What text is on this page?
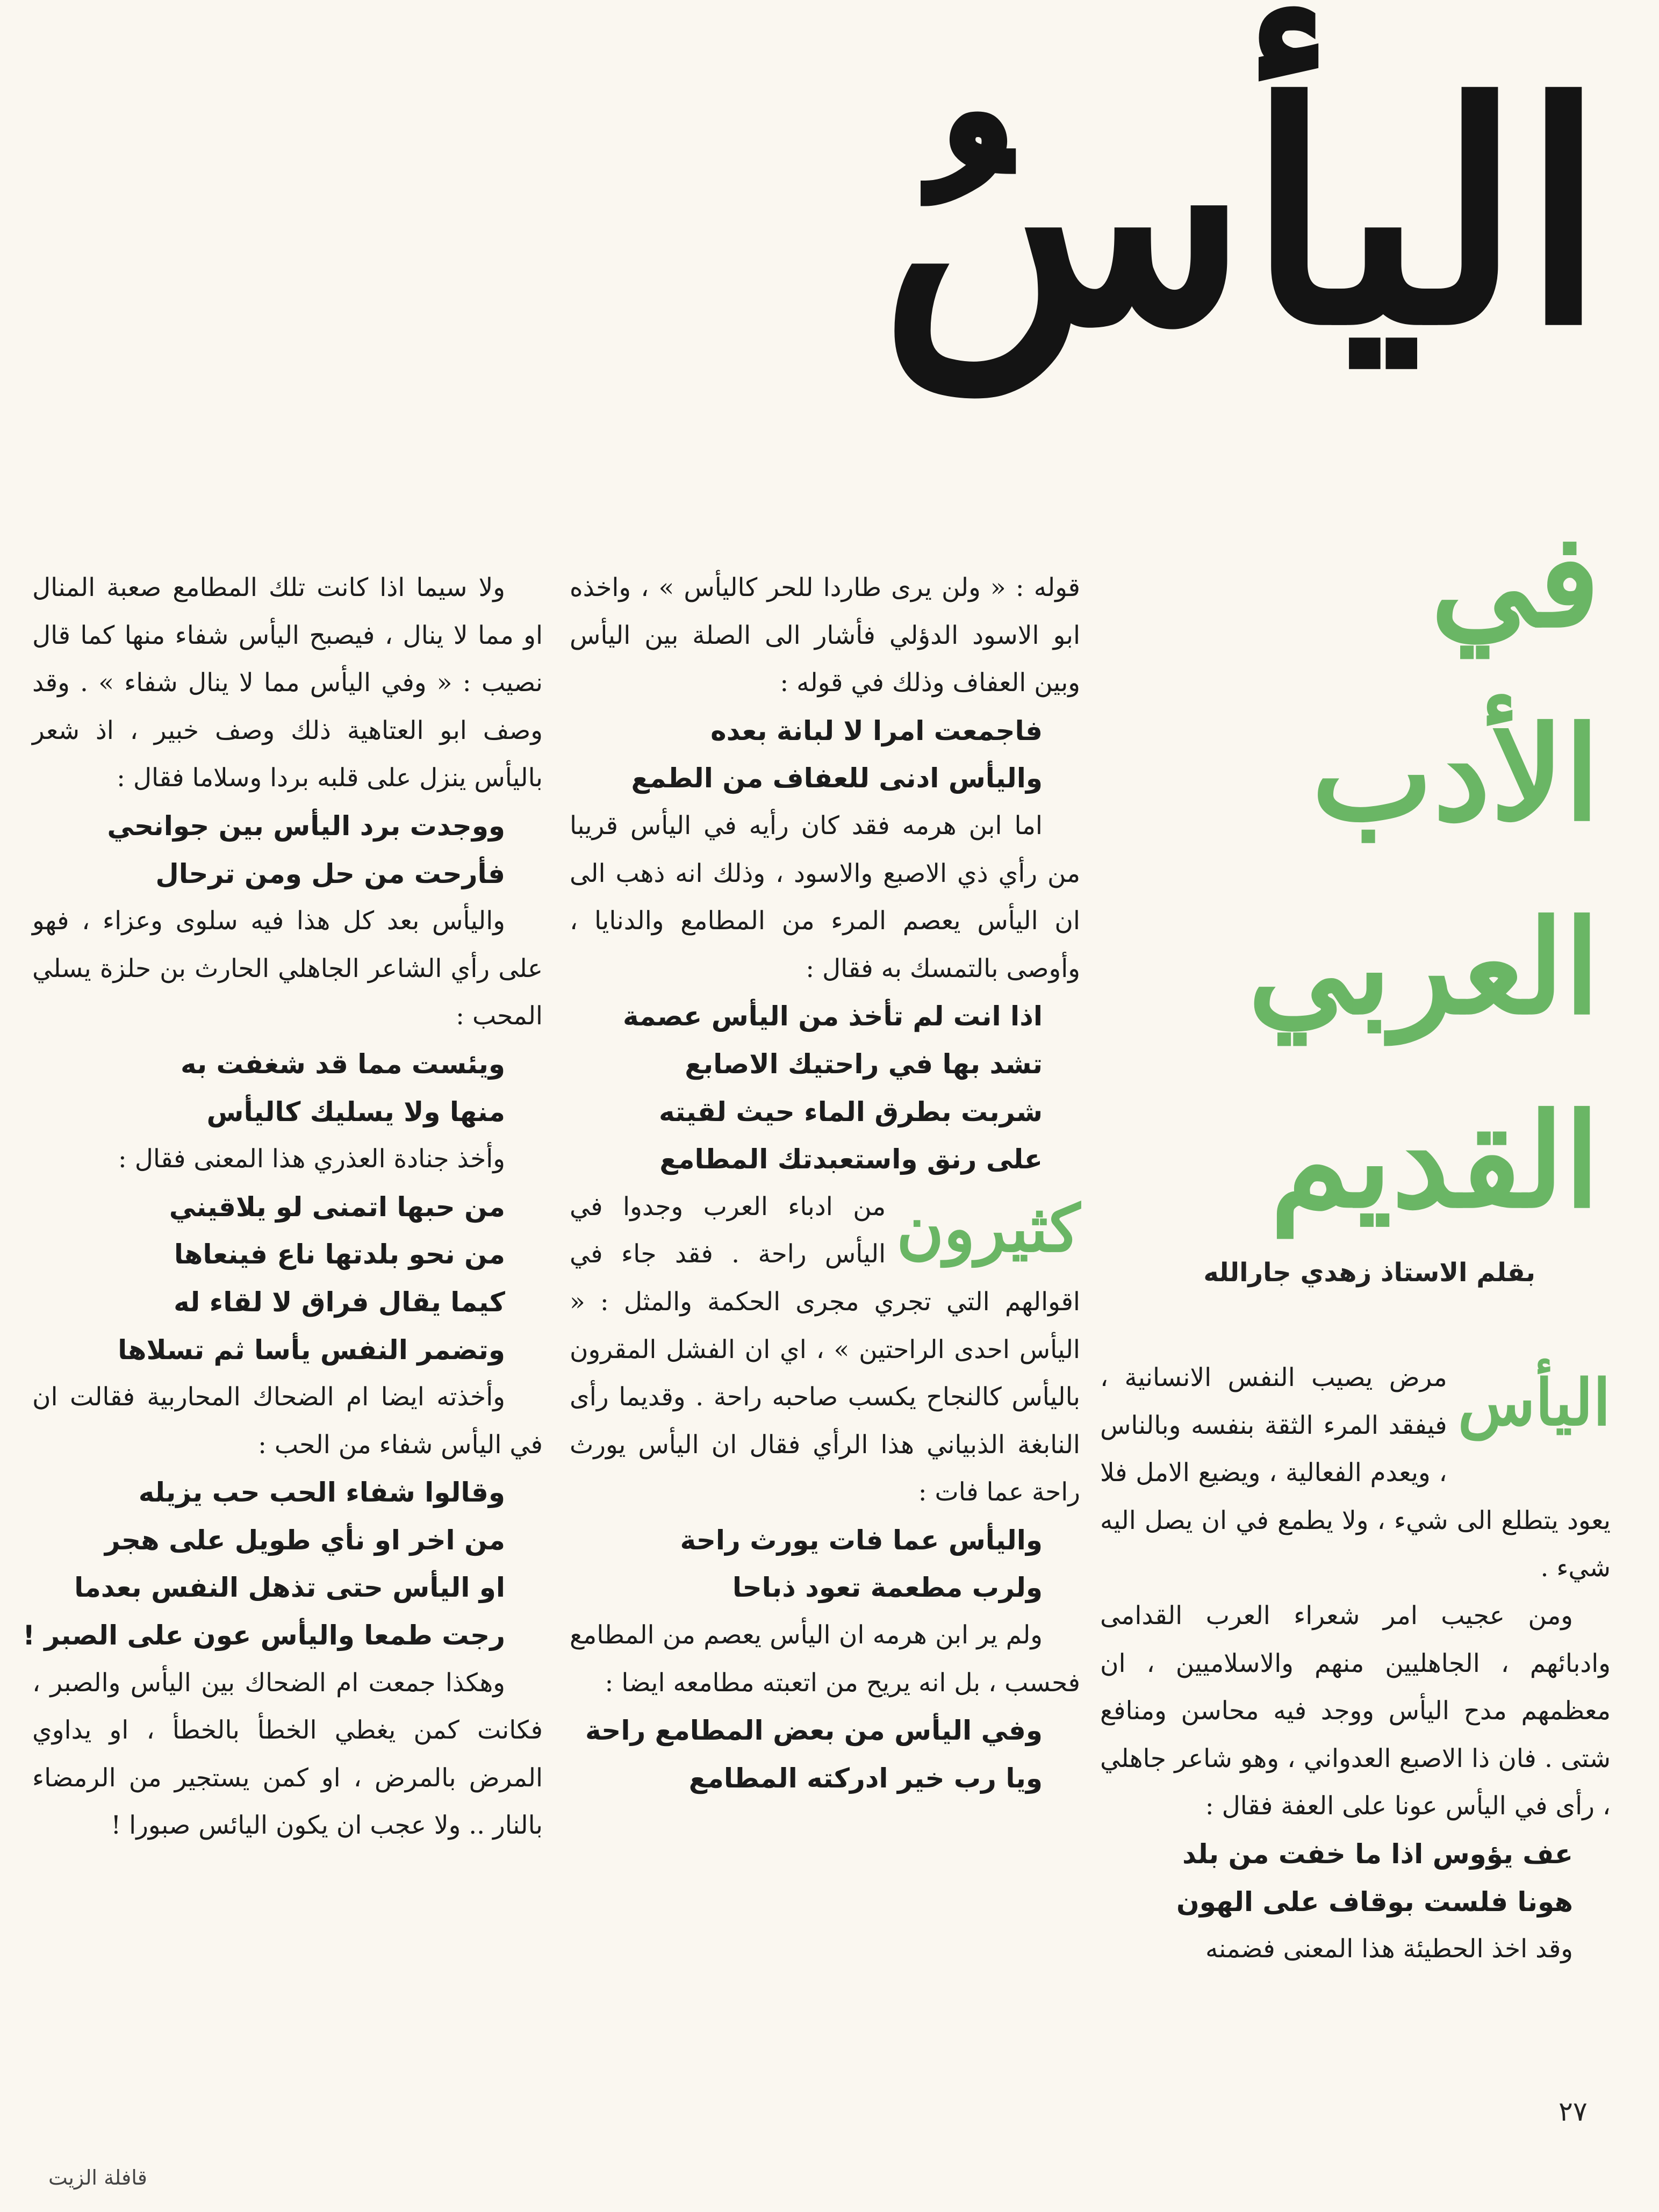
اليأسُ
في
الأدب
العربي
القديم
بقلم الاستاذ زهدي جارالله

اليأس
مرض يصيب النفس الانسانية ، فيفقد المرء الثقة بنفسه وبالناس ، ويعدم الفعالية ، ويضيع الامل فلا يعود يتطلع الى شيء ، ولا يطمع في ان يصل اليه شيء .

ومن عجيب امر شعراء العرب القدامى وادبائهم ، الجاهليين منهم والاسلاميين ، ان معظمهم مدح اليأس ووجد فيه محاسن ومنافع شتى . فان ذا الاصبع العدواني ، وهو شاعر جاهلي ، رأى في اليأس عونا على العفة فقال :

عف يؤوس اذا ما خفت من بلد

هونا فلست بوقاف على الهون

وقد اخذ الحطيئة هذا المعنى فضمنه

قوله : « ولن يرى طاردا للحر كاليأس » ، واخذه ابو الاسود الدؤلي فأشار الى الصلة بين اليأس وبين العفاف وذلك في قوله :

فاجمعت امرا لا لبانة بعده

واليأس ادنى للعفاف من الطمع

اما ابن هرمه فقد كان رأيه في اليأس قريبا من رأي ذي الاصبع والاسود ، وذلك انه ذهب الى ان اليأس يعصم المرء من المطامع والدنايا ، وأوصى بالتمسك به فقال :

اذا انت لم تأخذ من اليأس عصمة

تشد بها في راحتيك الاصابع

شربت بطرق الماء حيث لقيته

على رنق واستعبدتك المطامع

كثيرون
من ادباء العرب وجدوا في اليأس راحة . فقد جاء في اقوالهم التي تجري مجرى الحكمة والمثل : « اليأس احدى الراحتين » ، اي ان الفشل المقرون باليأس كالنجاح يكسب صاحبه راحة . وقديما رأى النابغة الذبياني هذا الرأي فقال ان اليأس يورث راحة عما فات :

واليأس عما فات يورث راحة

ولرب مطعمة تعود ذباحا

ولم ير ابن هرمه ان اليأس يعصم من المطامع فحسب ، بل انه يريح من اتعبته مطامعه ايضا :

وفي اليأس من بعض المطامع راحة

ويا رب خير ادركته المطامع

ولا سيما اذا كانت تلك المطامع صعبة المنال او مما لا ينال ، فيصبح اليأس شفاء منها كما قال نصيب : « وفي اليأس مما لا ينال شفاء » . وقد وصف ابو العتاهية ذلك وصف خبير ، اذ شعر باليأس ينزل على قلبه بردا وسلاما فقال :

ووجدت برد اليأس بين جوانحي

فأرحت من حل ومن ترحال

واليأس بعد كل هذا فيه سلوى وعزاء ، فهو على رأي الشاعر الجاهلي الحارث بن حلزة يسلي المحب :

ويئست مما قد شغفت به

منها ولا يسليك كاليأس

وأخذ جنادة العذري هذا المعنى فقال :

من حبها اتمنى لو يلاقيني

من نحو بلدتها ناع فينعاها

كيما يقال فراق لا لقاء له

وتضمر النفس يأسا ثم تسلاها

وأخذته ايضا ام الضحاك المحاربية فقالت ان في اليأس شفاء من الحب :

وقالوا شفاء الحب حب يزيله

من اخر او نأي طويل على هجر

او اليأس حتى تذهل النفس بعدما

رجت طمعا واليأس عون على الصبر !

وهكذا جمعت ام الضحاك بين اليأس والصبر ، فكانت كمن يغطي الخطأ بالخطأ ، او يداوي المرض بالمرض ، او كمن يستجير من الرمضاء بالنار .. ولا عجب ان يكون اليائس صبورا !

٢٧
قافلة الزيت
